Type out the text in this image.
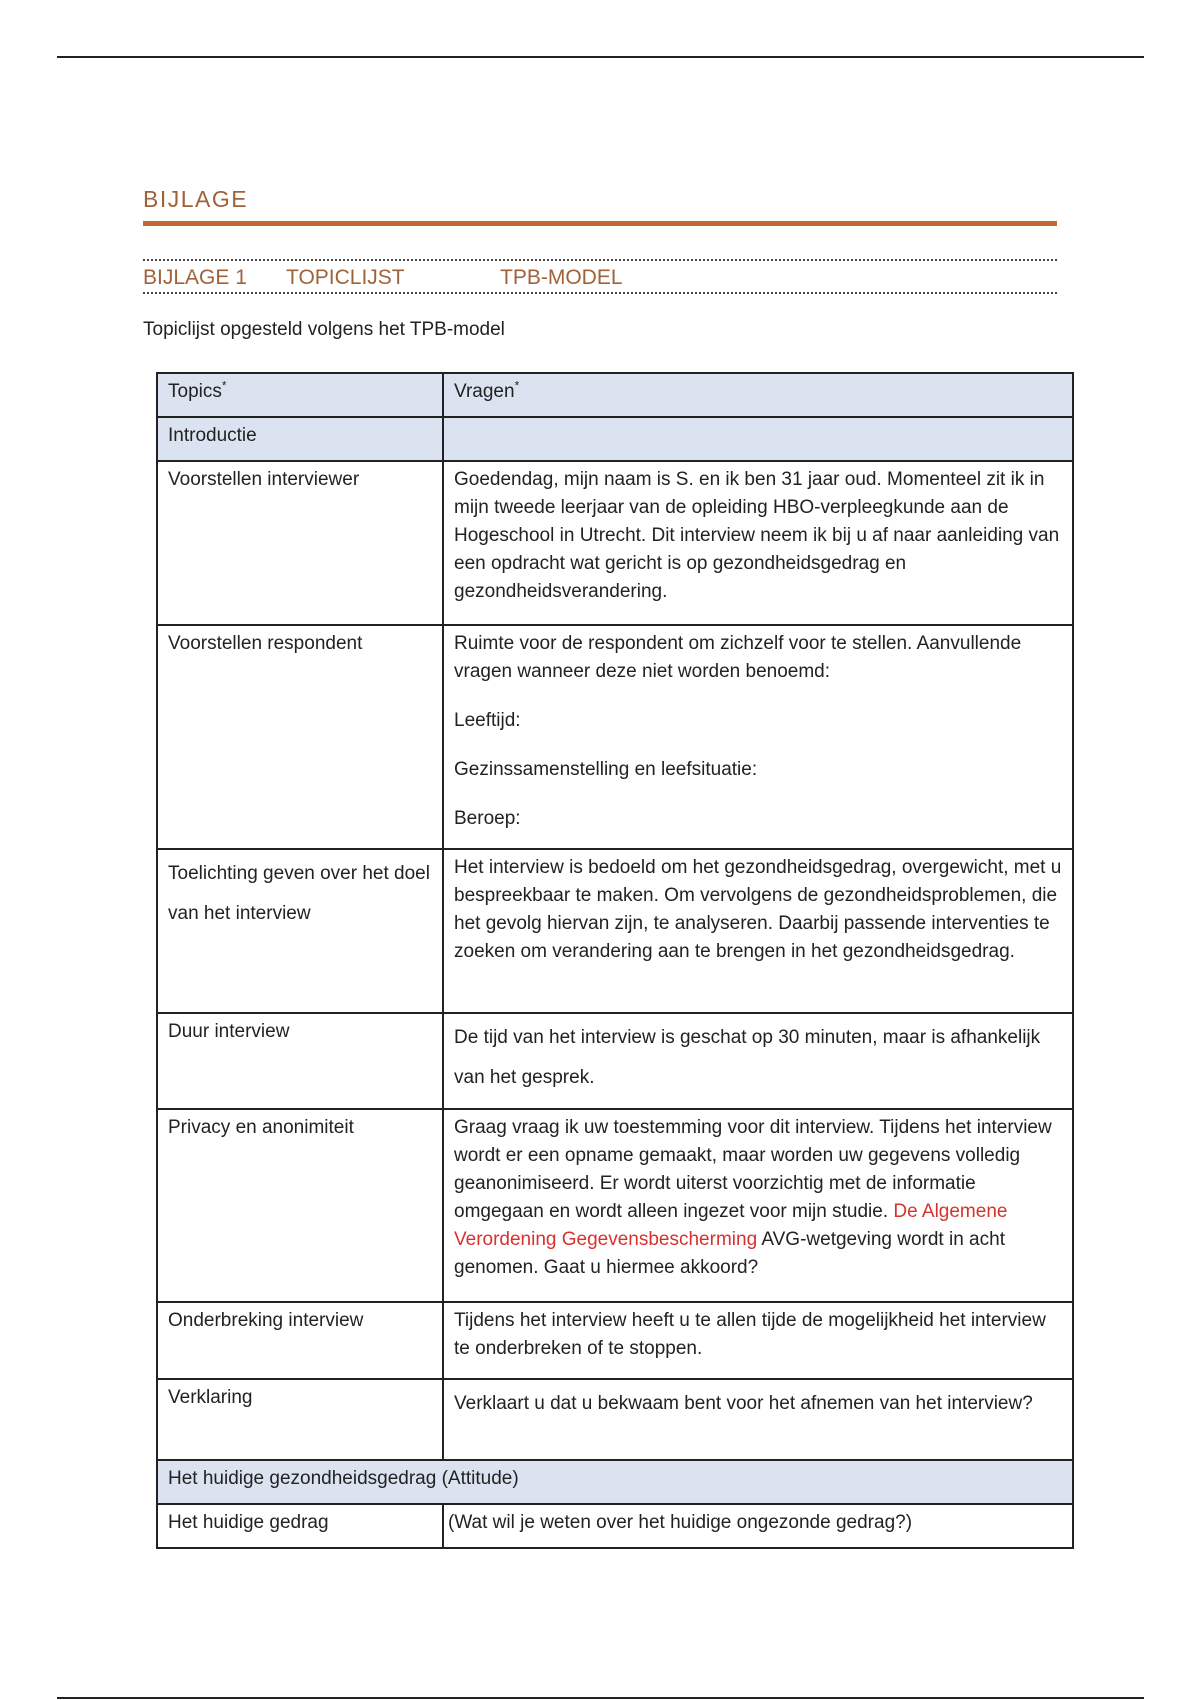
BIJLAGE
BIJLAGE 1 TOPICLIJST	TPB-MODEL
Topiclijst opgesteld volgens het TPB-model
Topics*	Vragen*
Introductie	
Voorstellen interviewer	Goedendag, mijn naam is S. en ik ben 31 jaar oud. Momenteel zit ik in mijn tweede leerjaar van de opleiding HBO-verpleegkunde aan de Hogeschool in Utrecht. Dit interview neem ik bij u af naar aanleiding van een opdracht wat gericht is op gezondheidsgedrag en gezondheidsverandering.
Voorstellen respondent	Ruimte voor de respondent om zichzelf voor te stellen. Aanvullende vragen wanneer deze niet worden benoemd:

Leeftijd:

Gezinssamenstelling en leefsituatie:

Beroep:

Toelichting geven over het doel van het interview	Het interview is bedoeld om het gezondheidsgedrag, overgewicht, met u bespreekbaar te maken. Om vervolgens de gezondheidsproblemen, die het gevolg hiervan zijn, te analyseren. Daarbij passende interventies te zoeken om verandering aan te brengen in het gezondheidsgedrag.
Duur interview	De tijd van het interview is geschat op 30 minuten, maar is afhankelijk van het gesprek.
Privacy en anonimiteit	Graag vraag ik uw toestemming voor dit interview. Tijdens het interview wordt er een opname gemaakt, maar worden uw gegevens volledig geanonimiseerd. Er wordt uiterst voorzichtig met de informatie omgegaan en wordt alleen ingezet voor mijn studie. De Algemene Verordening Gegevensbescherming AVG-wetgeving wordt in acht genomen. Gaat u hiermee akkoord?
Onderbreking interview	Tijdens het interview heeft u te allen tijde de mogelijkheid het interview te onderbreken of te stoppen.
Verklaring	Verklaart u dat u bekwaam bent voor het afnemen van het interview?
Het huidige gezondheidsgedrag (Attitude)	
Het huidige gedrag	(Wat wil je weten over het huidige ongezonde gedrag?)
